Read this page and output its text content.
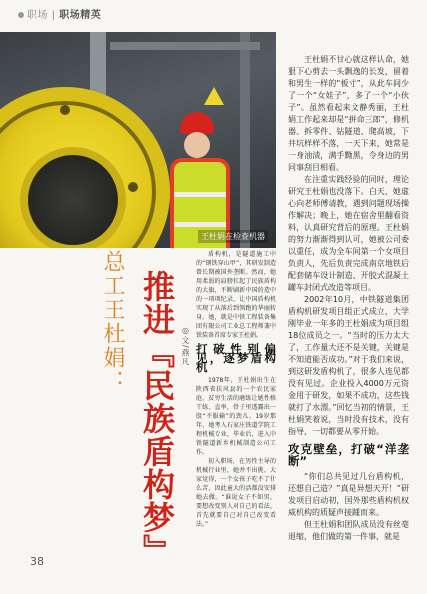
职场 | 职场精英
王杜娟在检查机器
总工王杜娟： 推进『民族盾构梦』 ◎文/燕凡

盾构机，是隧道施工中的“钢铁穿山甲”，其研发制造曾长期被国外垄断。然而，她用柔弱的肩膀扛起了民族盾构的大旗，不断刷新中国的造中的一项项纪录，让中国盾构机实现了从落后到领跑的华丽转身。她，就是中铁工程装备集团有限公司工业总工程师兼中铁装备首席专家王杜娟。

打破性别偏见，逐梦盾构机

1978年，王杜娟出生在陕西省扶风县的一个农民家庭，贫穷生活的磨练让她性格干练、直率，骨子里透露出一股“不服输”的劲儿。19岁那年，她考入石家庄铁道学院工程机械专业，毕业后，进入中铁隧道新乡机械制造公司工作。

初入职场，在男性主导的机械行业里，她并不出挑。大家觉得，一个女孩子吃不了什么苦，因此童大的活都没安排她去做。“谁说女子不如男，要想改变别人对自己的看法，首先就要自己对自己改变看法。”

王杜娟不甘心就这样认命，她狠下心剪去一头飘逸的长发，留着和男生一样的“板寸”，从此车间少了一个“女娃子”，多了一个“小伙子”。虽然看起来文静秀丽，王杜娟工作起来却是“拼命三郎”，修机器、拆零件、钻隧道、爬高坡，下井坑样样不落，一天下来，她常是一身油渍，满手黝黑，令身边的男同事刮目相看。

在注重实践经验的同时，理论研究王杜娟也没落下。白天，她虚心向老师傅请教，遇到问题现场操作解决；晚上，她在宿舍里翻看资料，认真研究背后的原理。王杜娟的努力渐渐得到认可，她被公司委以重任，成为全车间第一个女项目负责人，先后负责完成南京地铁后配套储车设计制造、开胶式混凝土罐车封闭式改造等项目。

2002年10月，中铁隧道集团盾构机研发项目组正式成立，大学刚毕业一年多的王杜娟成为项目组18位成员之一。“当时的压力太大了，工作量大还不是关键，关键是不知道能否成功。”对于我们来说，到这研发盾构机了，很多人连见都没有见过。企业投入4000万元资金用于研发，如果不成功，这些钱就打了水漂。”回忆当初的情景，王杜娟笑着说，当时没有技术，没有指导，一切都要从零开始。

攻克壁垒，打破“洋垄断”

“你们总共见过几台盾构机，还想自己造？”真是异想天开！”研发项目启动初，国外那些盾构机权威机构的质疑声接踵而来。

但王杜娟和团队成员没有丝毫退缩，他们做的第一件事，就是

38
